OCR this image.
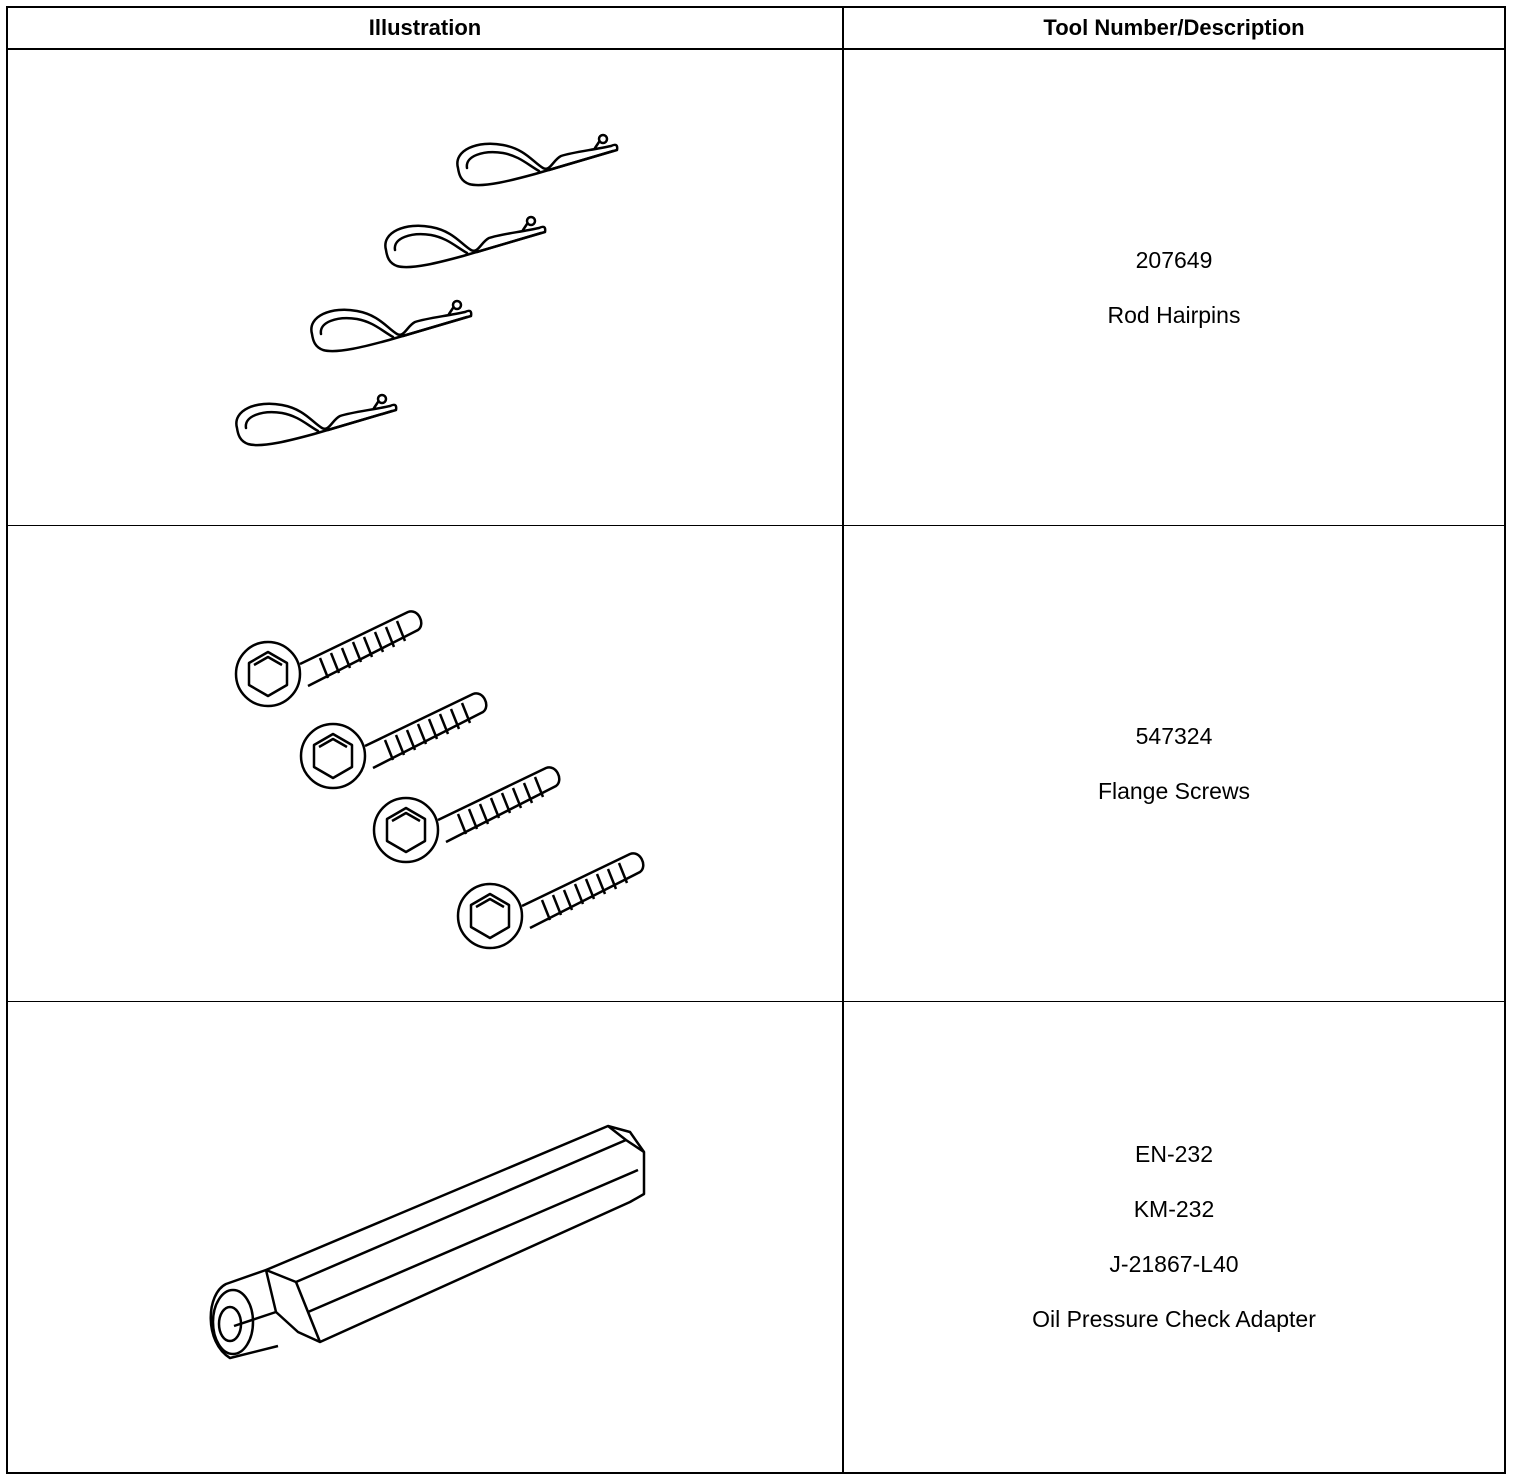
Illustration	Tool Number/Description
207649
Rod Hairpins
547324
Flange Screws
EN-232
KM-232
J-21867-L40
Oil Pressure Check Adapter
